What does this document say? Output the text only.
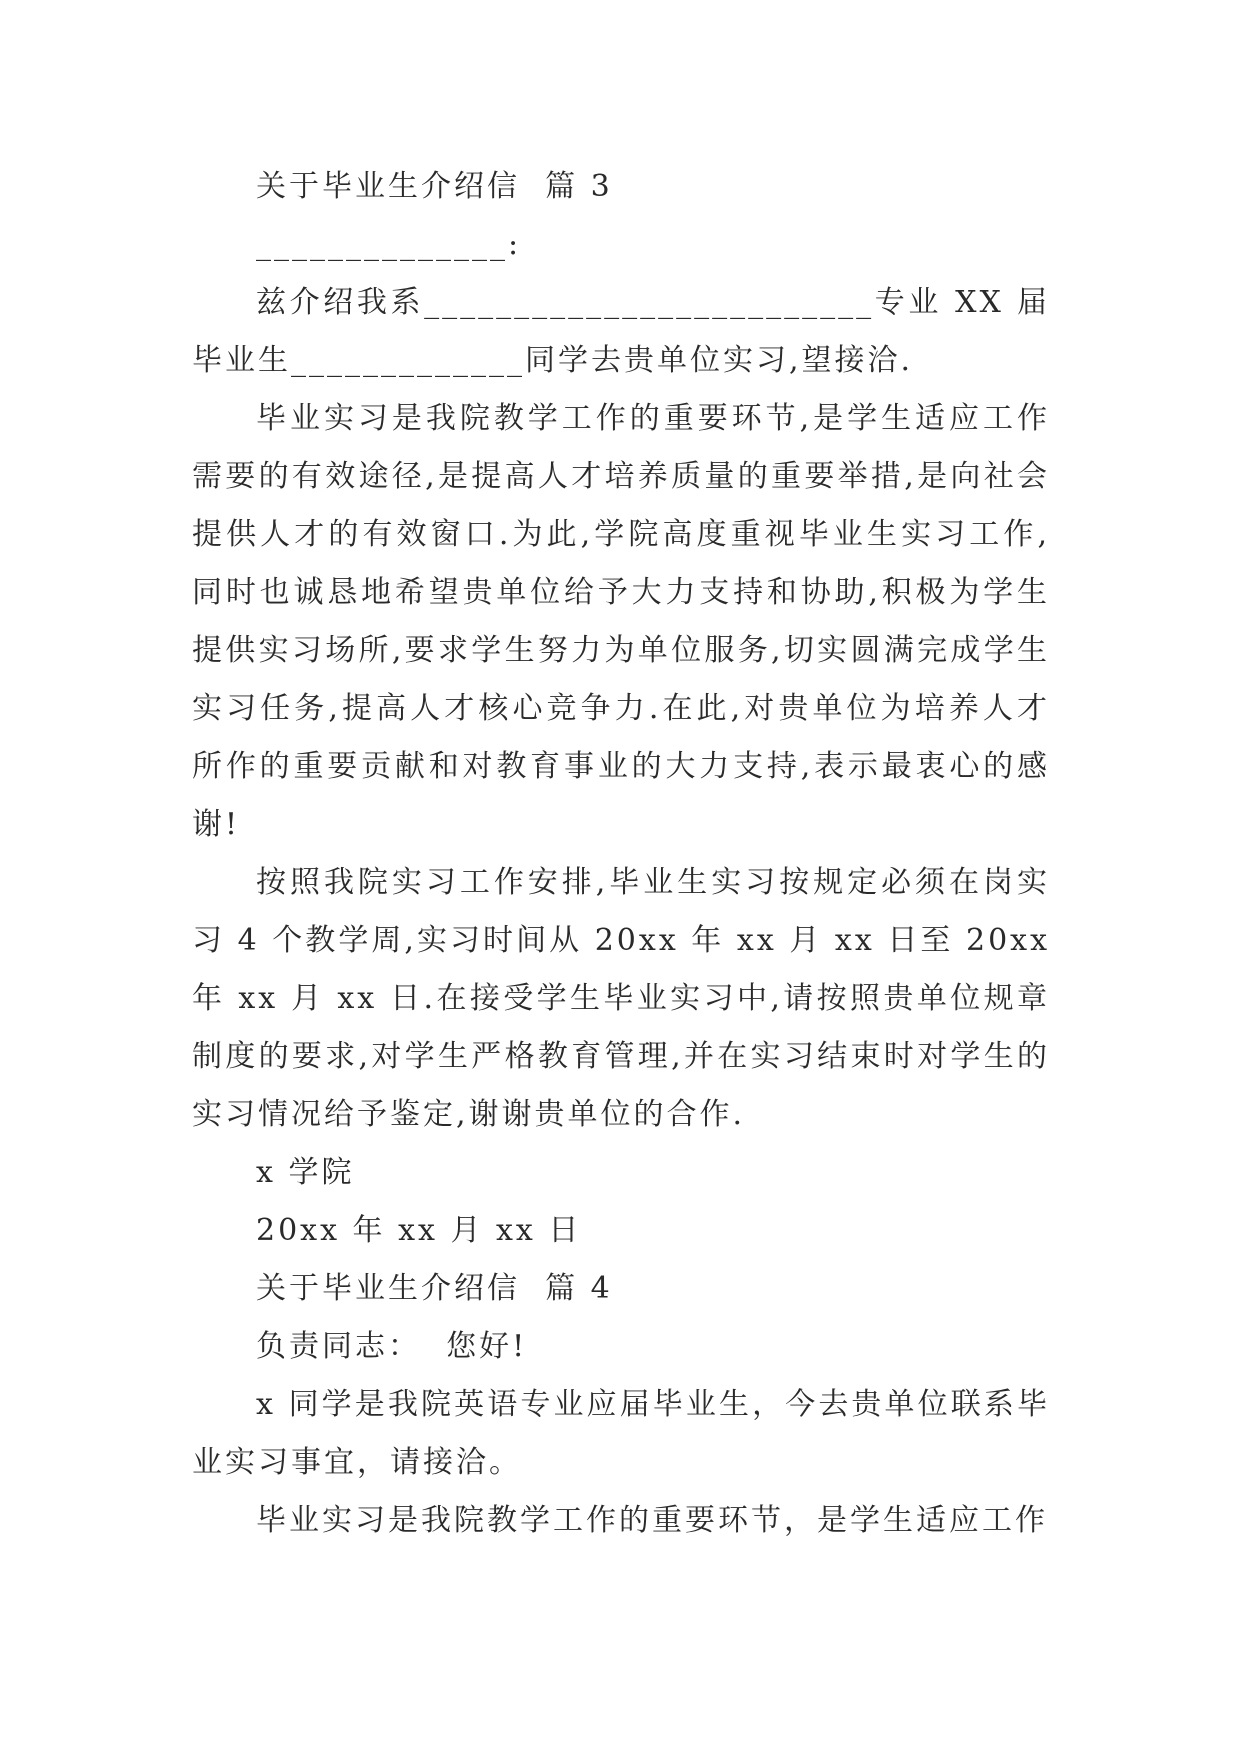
关于毕业生介绍信  篇 3

______________:

兹介绍我系_________________________专业 XX 届毕业生_____________同学去贵单位实习,望接洽.

毕业实习是我院教学工作的重要环节,是学生适应工作需要的有效途径,是提高人才培养质量的重要举措,是向社会提供人才的有效窗口.为此,学院高度重视毕业生实习工作,同时也诚恳地希望贵单位给予大力支持和协助,积极为学生提供实习场所,要求学生努力为单位服务,切实圆满完成学生实习任务,提高人才核心竞争力.在此,对贵单位为培养人才所作的重要贡献和对教育事业的大力支持,表示最衷心的感谢!

按照我院实习工作安排,毕业生实习按规定必须在岗实习 4 个教学周,实习时间从 20xx 年 xx 月 xx 日至 20xx 年 xx 月 xx 日.在接受学生毕业实习中,请按照贵单位规章制度的要求,对学生严格教育管理,并在实习结束时对学生的实习情况给予鉴定,谢谢贵单位的合作.

x 学院

20xx 年 xx 月 xx 日

关于毕业生介绍信  篇 4

负责同志：  您好!

x 同学是我院英语专业应届毕业生，今去贵单位联系毕业实习事宜，请接洽。

毕业实习是我院教学工作的重要环节，是学生适应工作
